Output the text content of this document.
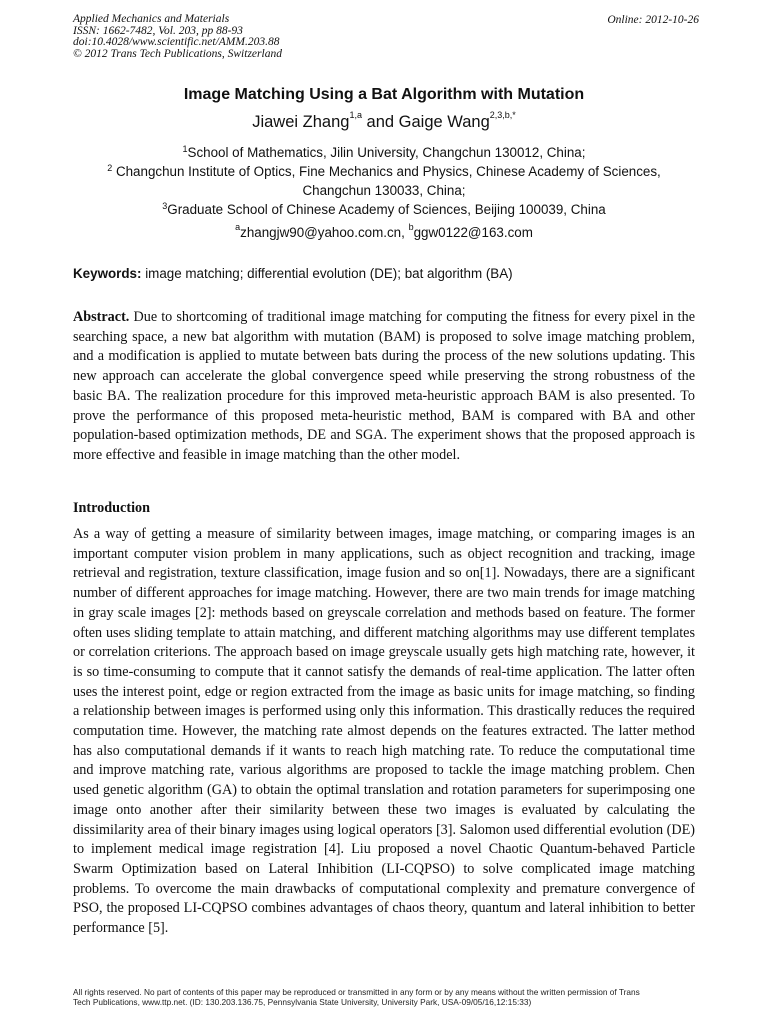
Applied Mechanics and Materials
ISSN: 1662-7482, Vol. 203, pp 88-93
doi:10.4028/www.scientific.net/AMM.203.88
© 2012 Trans Tech Publications, Switzerland
Online: 2012-10-26
Image Matching Using a Bat Algorithm with Mutation
Jiawei Zhang$^{1,a}$ and Gaige Wang$^{2,3,b,*}$
$^1$School of Mathematics, Jilin University, Changchun 130012, China;
$^2$ Changchun Institute of Optics, Fine Mechanics and Physics, Chinese Academy of Sciences,
Changchun 130033, China;
$^3$Graduate School of Chinese Academy of Sciences, Beijing 100039, China
$^a$zhangjw90@yahoo.com.cn, $^b$ggw0122@163.com
Keywords: image matching; differential evolution (DE); bat algorithm (BA)
Abstract. Due to shortcoming of traditional image matching for computing the fitness for every pixel in the searching space, a new bat algorithm with mutation (BAM) is proposed to solve image matching problem, and a modification is applied to mutate between bats during the process of the new solutions updating. This new approach can accelerate the global convergence speed while preserving the strong robustness of the basic BA. The realization procedure for this improved meta-heuristic approach BAM is also presented. To prove the performance of this proposed meta-heuristic method, BAM is compared with BA and other population-based optimization methods, DE and SGA. The experiment shows that the proposed approach is more effective and feasible in image matching than the other model.
Introduction
As a way of getting a measure of similarity between images, image matching, or comparing images is an important computer vision problem in many applications, such as object recognition and tracking, image retrieval and registration, texture classification, image fusion and so on[1]. Nowadays, there are a significant number of different approaches for image matching. However, there are two main trends for image matching in gray scale images [2]: methods based on greyscale correlation and methods based on feature. The former often uses sliding template to attain matching, and different matching algorithms may use different templates or correlation criterions. The approach based on image greyscale usually gets high matching rate, however, it is so time-consuming to compute that it cannot satisfy the demands of real-time application. The latter often uses the interest point, edge or region extracted from the image as basic units for image matching, so finding a relationship between images is performed using only this information. This drastically reduces the required computation time. However, the matching rate almost depends on the features extracted. The latter method has also computational demands if it wants to reach high matching rate. To reduce the computational time and improve matching rate, various algorithms are proposed to tackle the image matching problem. Chen used genetic algorithm (GA) to obtain the optimal translation and rotation parameters for superimposing one image onto another after their similarity between these two images is evaluated by calculating the dissimilarity area of their binary images using logical operators [3]. Salomon used differential evolution (DE) to implement medical image registration [4]. Liu proposed a novel Chaotic Quantum-behaved Particle Swarm Optimization based on Lateral Inhibition (LI-CQPSO) to solve complicated image matching problems. To overcome the main drawbacks of computational complexity and premature convergence of PSO, the proposed LI-CQPSO combines advantages of chaos theory, quantum and lateral inhibition to better performance [5].
All rights reserved. No part of contents of this paper may be reproduced or transmitted in any form or by any means without the written permission of Trans
Tech Publications, www.ttp.net. (ID: 130.203.136.75, Pennsylvania State University, University Park, USA-09/05/16,12:15:33)
